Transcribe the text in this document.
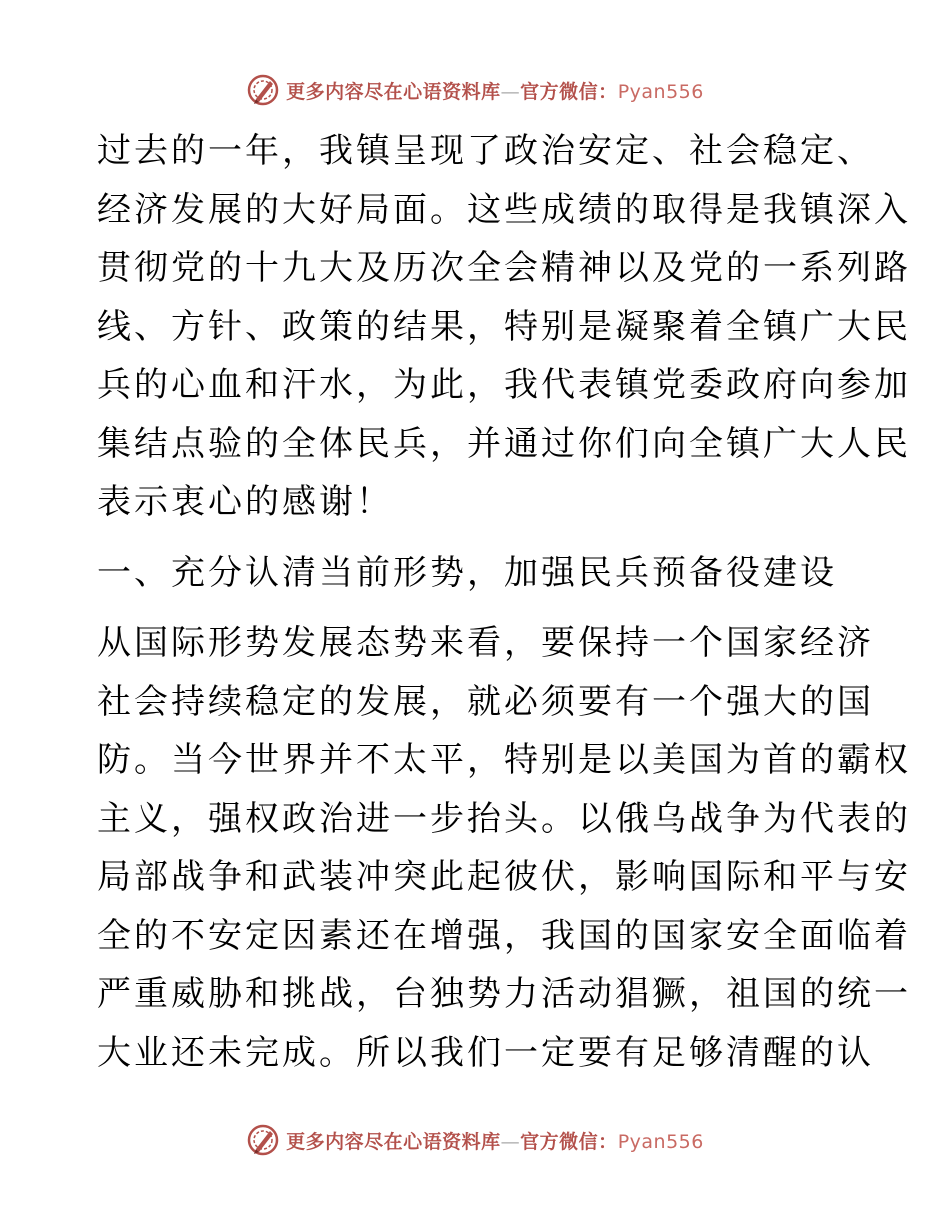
更多内容尽在心语资料库—官方微信：Pyan556
过去的一年，我镇呈现了政治安定、社会稳定、
经济发展的大好局面。这些成绩的取得是我镇深入
贯彻党的十九大及历次全会精神以及党的一系列路
线、方针、政策的结果，特别是凝聚着全镇广大民
兵的心血和汗水，为此，我代表镇党委政府向参加
集结点验的全体民兵，并通过你们向全镇广大人民
表示衷心的感谢！
一、充分认清当前形势，加强民兵预备役建设
从国际形势发展态势来看，要保持一个国家经济
社会持续稳定的发展，就必须要有一个强大的国
防。当今世界并不太平，特别是以美国为首的霸权
主义，强权政治进一步抬头。以俄乌战争为代表的
局部战争和武装冲突此起彼伏，影响国际和平与安
全的不安定因素还在增强，我国的国家安全面临着
严重威胁和挑战，台独势力活动猖獗，祖国的统一
大业还未完成。所以我们一定要有足够清醒的认
更多内容尽在心语资料库—官方微信：Pyan556
